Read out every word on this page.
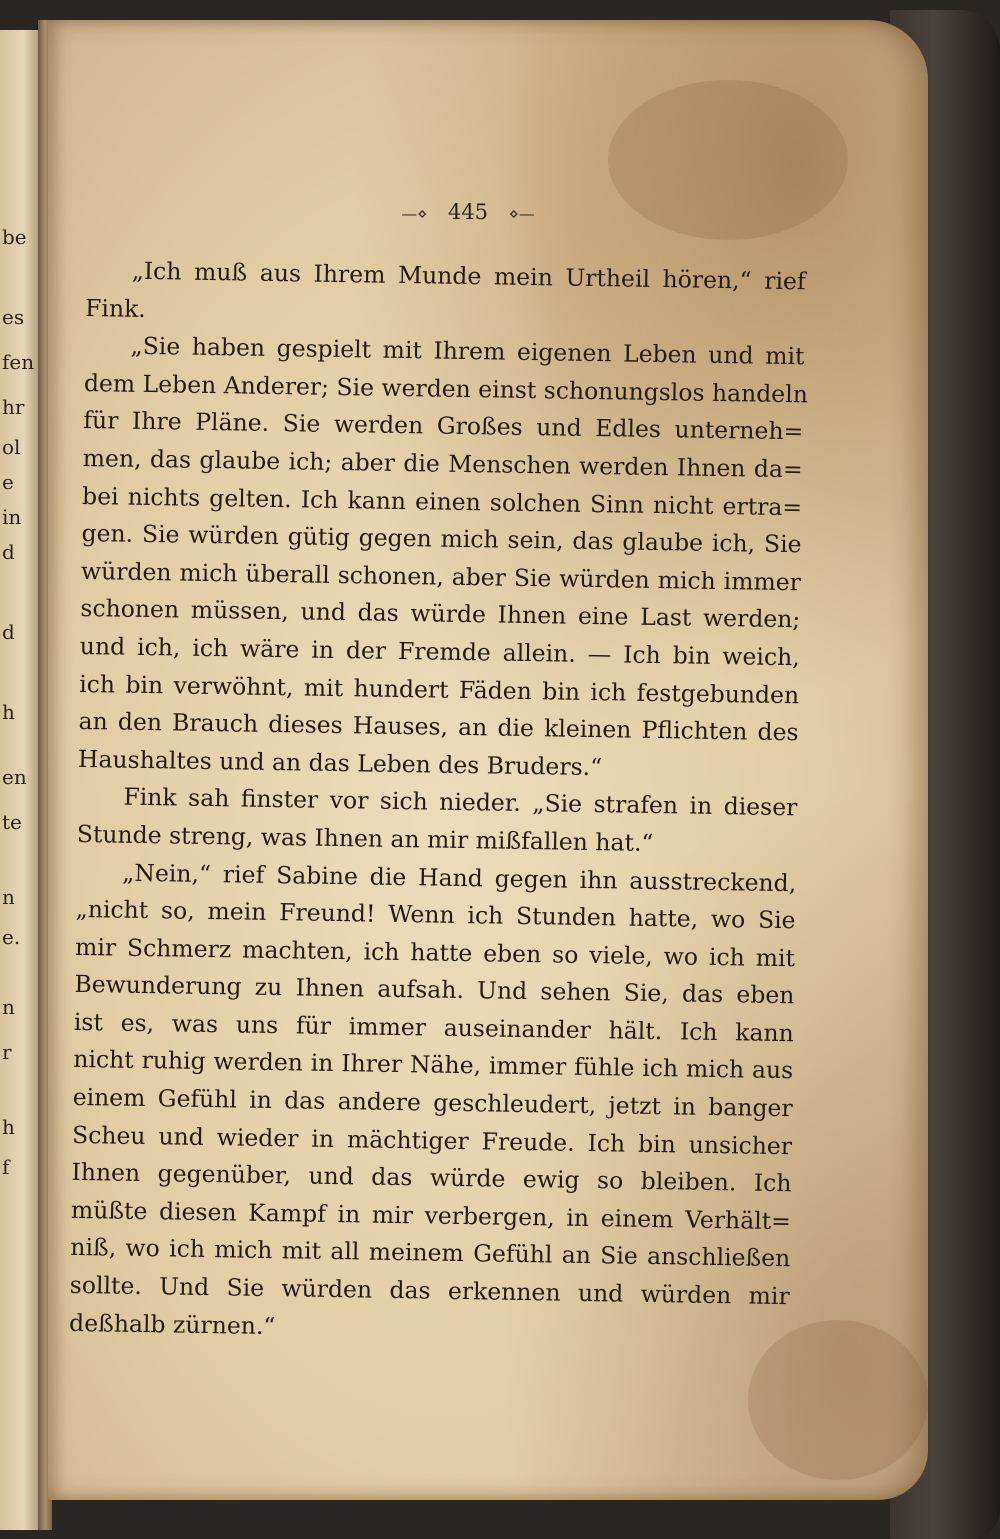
be
es
fen
hr
ol
e
in
d
d
h
en
te
n
e.
n
r
h
f
—⋄ 445 ⋄—
„Ich muß aus Ihrem Munde mein Urtheil hören,“ rief
Fink.
„Sie haben gespielt mit Ihrem eigenen Leben und mit
dem Leben Anderer; Sie werden einst schonungslos handeln
für Ihre Pläne. Sie werden Großes und Edles unterneh=
men, das glaube ich; aber die Menschen werden Ihnen da=
bei nichts gelten. Ich kann einen solchen Sinn nicht ertra=
gen. Sie würden gütig gegen mich sein, das glaube ich, Sie
würden mich überall schonen, aber Sie würden mich immer
schonen müssen, und das würde Ihnen eine Last werden;
und ich, ich wäre in der Fremde allein. — Ich bin weich,
ich bin verwöhnt, mit hundert Fäden bin ich festgebunden
an den Brauch dieses Hauses, an die kleinen Pflichten des
Haushaltes und an das Leben des Bruders.“
Fink sah finster vor sich nieder. „Sie strafen in dieser
Stunde streng, was Ihnen an mir mißfallen hat.“
„Nein,“ rief Sabine die Hand gegen ihn ausstreckend,
„nicht so, mein Freund! Wenn ich Stunden hatte, wo Sie
mir Schmerz machten, ich hatte eben so viele, wo ich mit
Bewunderung zu Ihnen aufsah. Und sehen Sie, das eben
ist es, was uns für immer auseinander hält. Ich kann
nicht ruhig werden in Ihrer Nähe, immer fühle ich mich aus
einem Gefühl in das andere geschleudert, jetzt in banger
Scheu und wieder in mächtiger Freude. Ich bin unsicher
Ihnen gegenüber, und das würde ewig so bleiben. Ich
müßte diesen Kampf in mir verbergen, in einem Verhält=
niß, wo ich mich mit all meinem Gefühl an Sie anschließen
sollte. Und Sie würden das erkennen und würden mir
deßhalb zürnen.“
